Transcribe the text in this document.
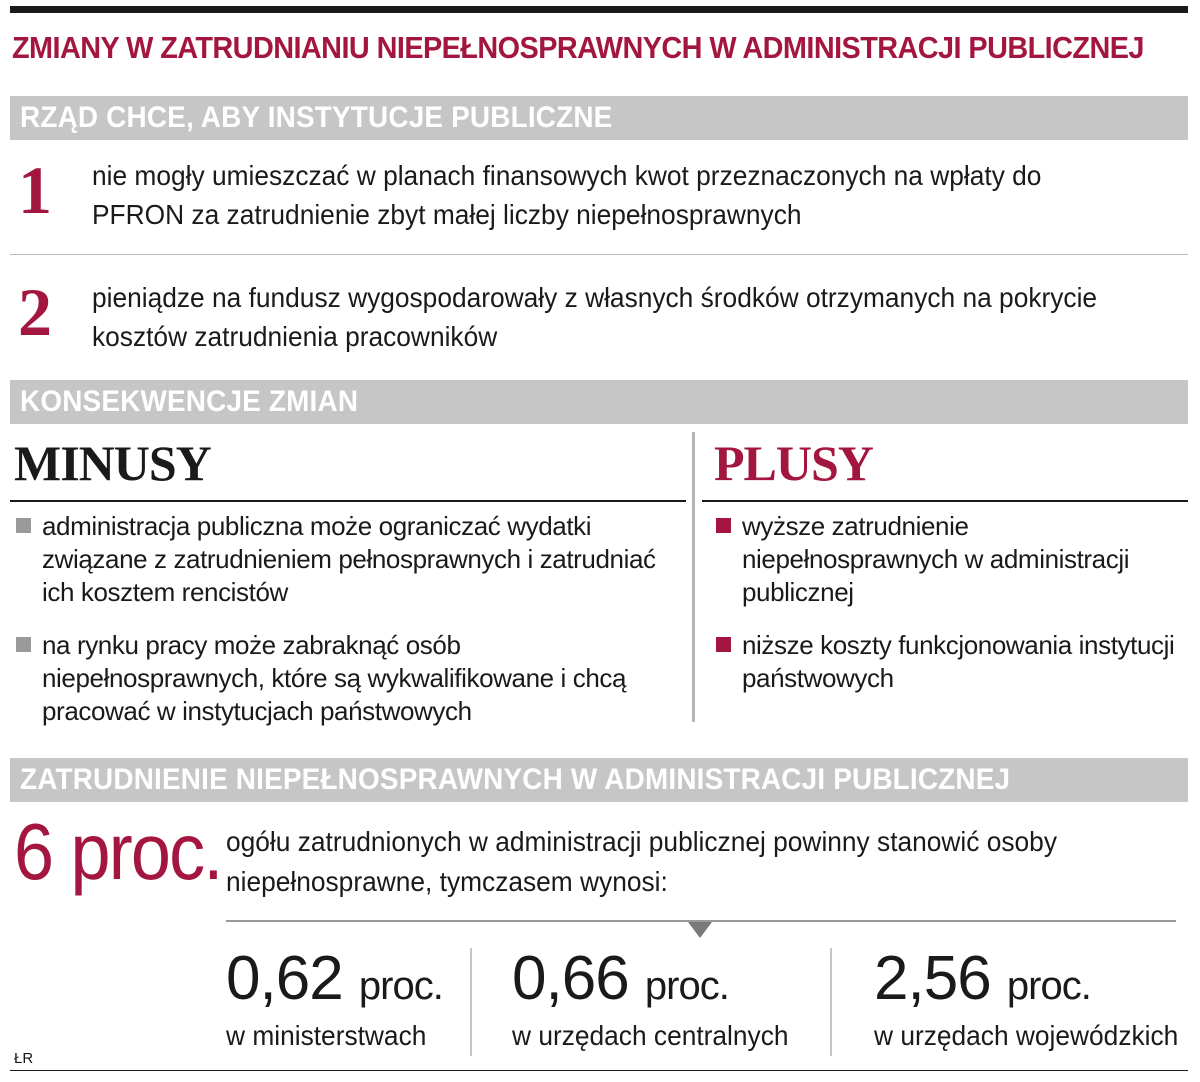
ZMIANY W ZATRUDNIANIU NIEPEŁNOSPRAWNYCH W ADMINISTRACJI PUBLICZNEJ
RZĄD CHCE, ABY INSTYTUCJE PUBLICZNE
1 nie mogły umieszczać w planach finansowych kwot przeznaczonych na wpłaty do PFRON za zatrudnienie zbyt małej liczby niepełnosprawnych

2 pieniądze na fundusz wygospodarowały z własnych środków otrzymanych na pokrycie kosztów zatrudnienia pracowników

KONSEKWENCJE ZMIAN
MINUSY
administracja publiczna może ograniczać wydatki związane z zatrudnieniem pełnosprawnych i zatrudniać ich kosztem rencistów
na rynku pracy może zabraknąć osób niepełnosprawnych, które są wykwalifikowane i chcą pracować w instytucjach państwowych
PLUSY
wyższe zatrudnienie niepełnosprawnych w administracji publicznej
niższe koszty funkcjonowania instytucji państwowych
ZATRUDNIENIE NIEPEŁNOSPRAWNYCH W ADMINISTRACJI PUBLICZNEJ
6 proc. ogółu zatrudnionych w administracji publicznej powinny stanowić osoby niepełnosprawne, tymczasem wynosi:

0,62 proc.
w ministerstwach
0,66 proc.
w urzędach centralnych
2,56 proc.
w urzędach wojewódzkich
ŁR
